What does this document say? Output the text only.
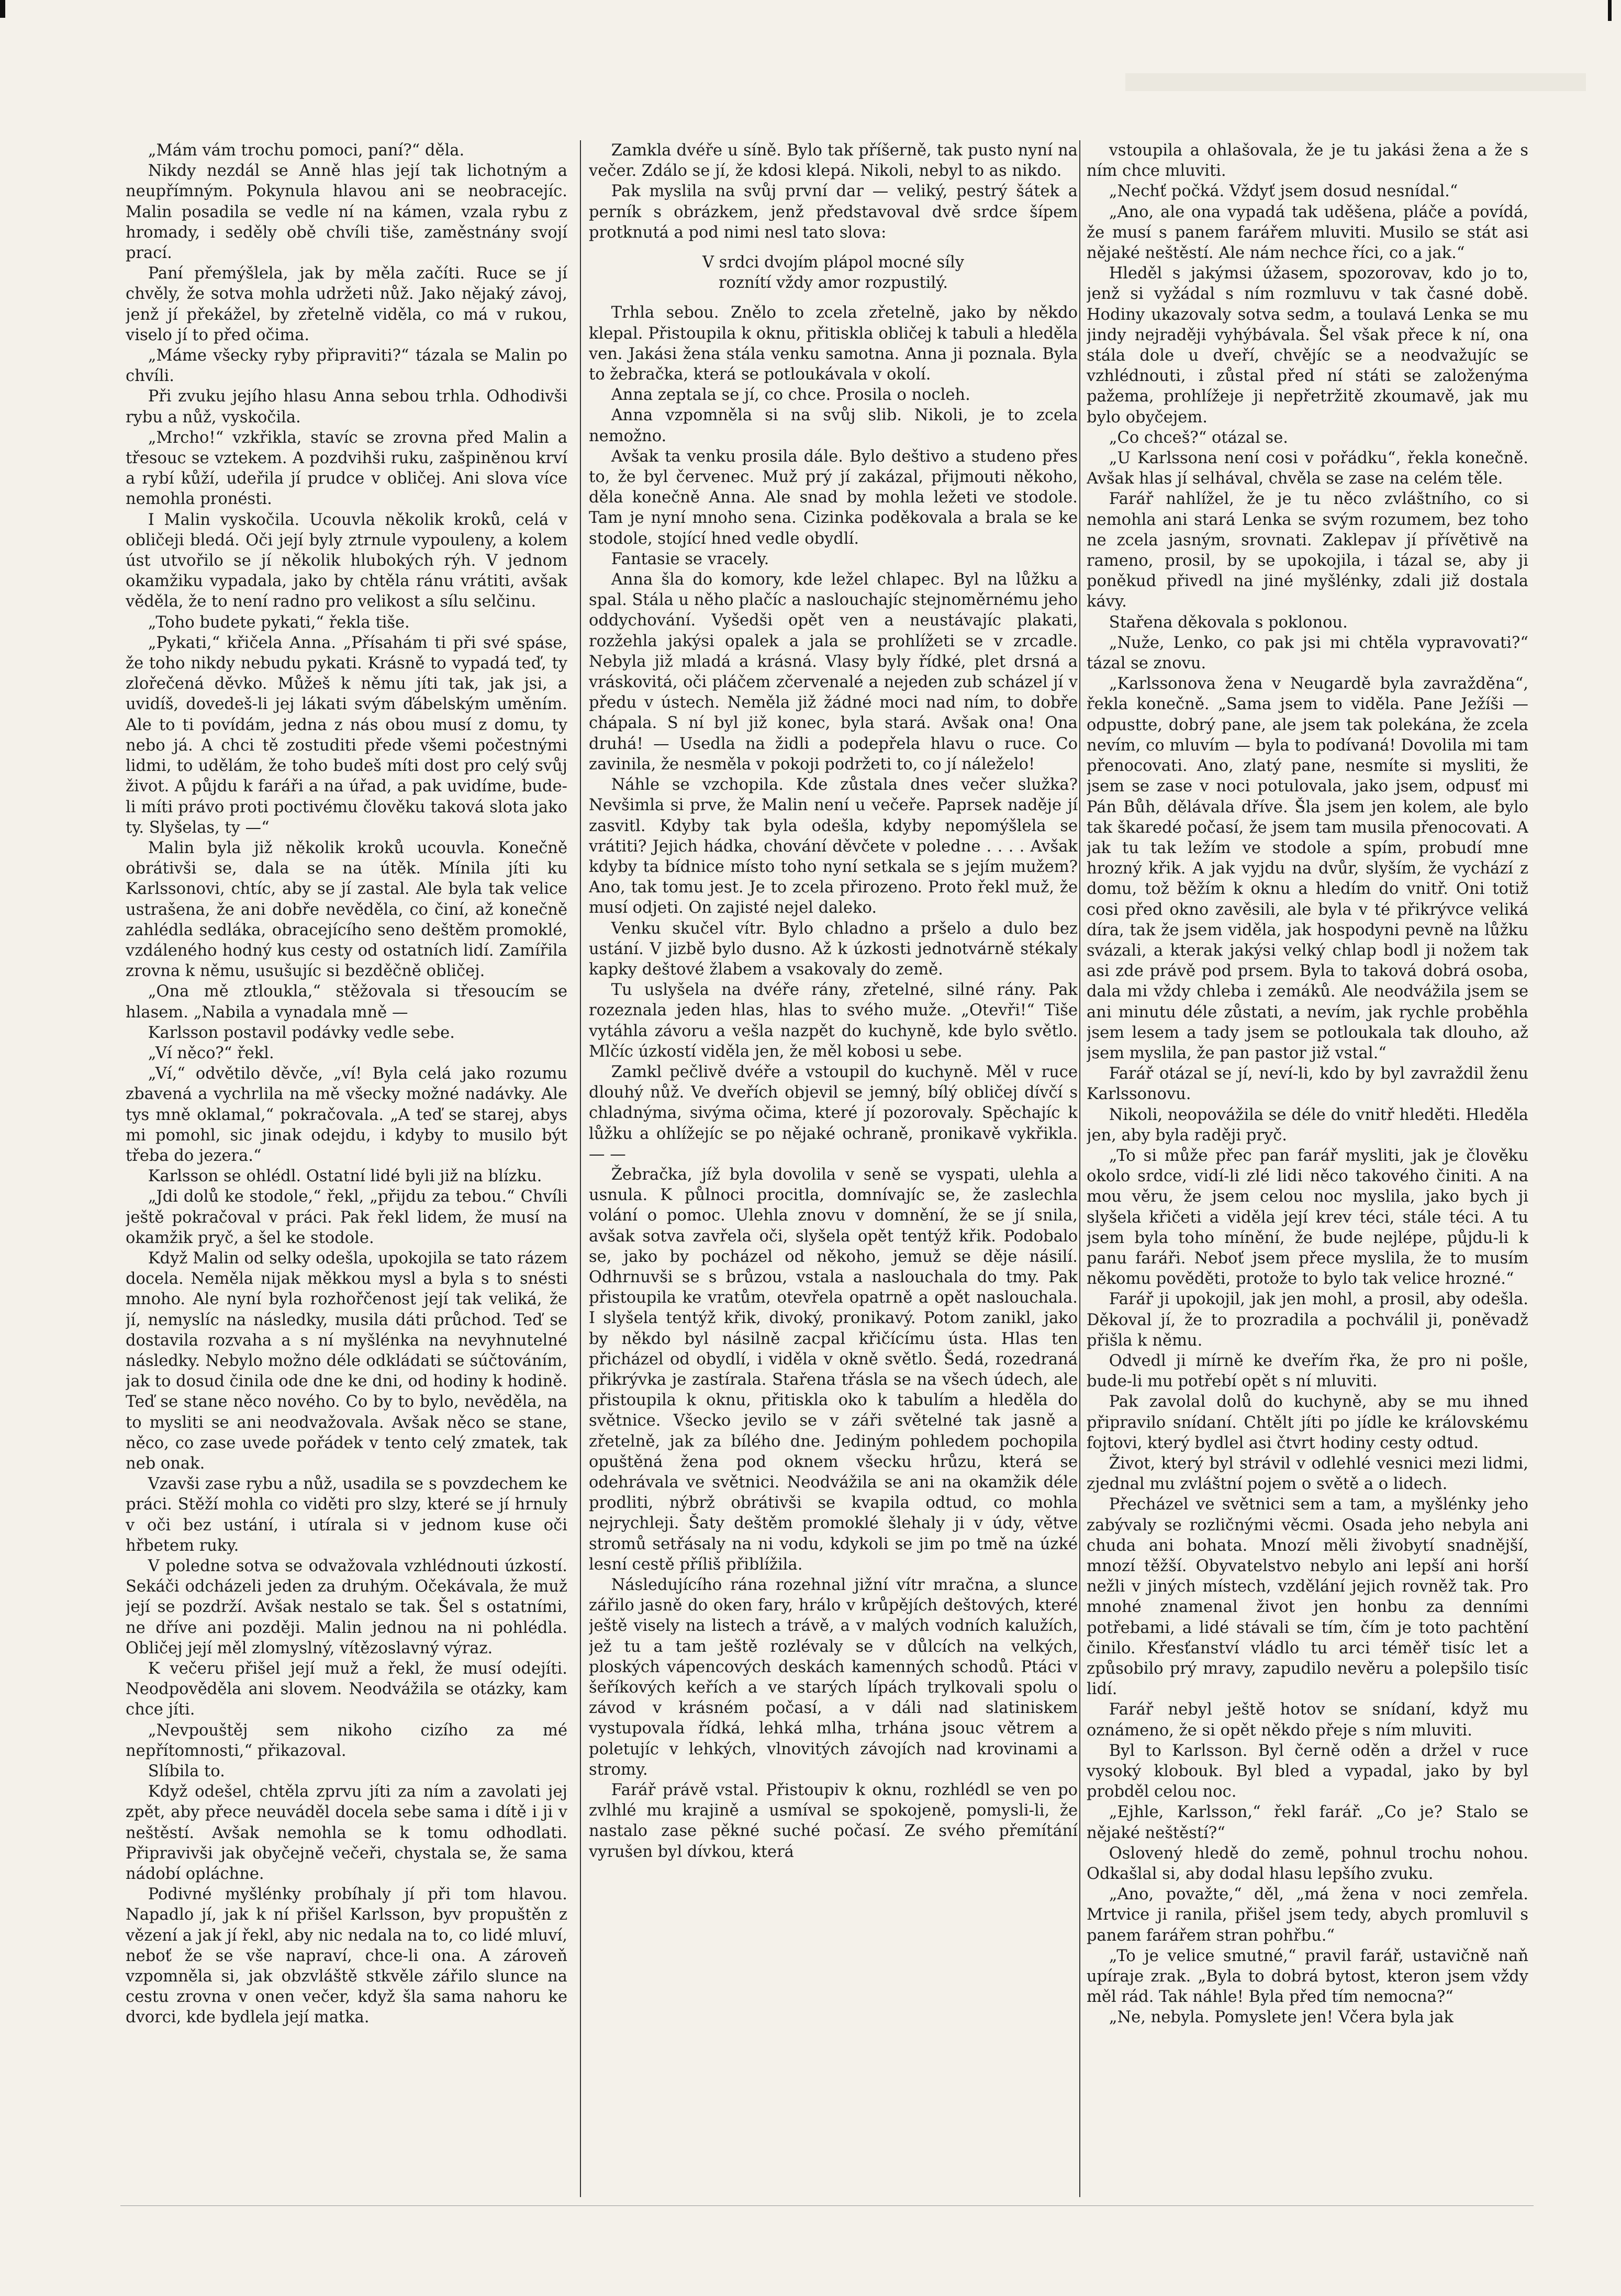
„Mám vám trochu pomoci, paní?“ děla.

Nikdy nezdál se Anně hlas její tak lichotným a neupřímným. Pokynula hlavou ani se neobracejíc. Malin posadila se vedle ní na kámen, vzala rybu z hromady, i seděly obě chvíli tiše, zaměstnány svojí prací.

Paní přemýšlela, jak by měla začíti. Ruce se jí chvěly, že sotva mohla udržeti nůž. Jako nějaký závoj, jenž jí překážel, by zřetelně viděla, co má v rukou, viselo jí to před očima.

„Máme všecky ryby připraviti?“ tázala se Malin po chvíli.

Při zvuku jejího hlasu Anna sebou trhla. Odhodivši rybu a nůž, vyskočila.

„Mrcho!“ vzkřikla, stavíc se zrovna před Malin a třesouc se vztekem. A pozdvihši ruku, zašpiněnou krví a rybí kůží, udeřila jí prudce v obličej. Ani slova více nemohla pronésti.

I Malin vyskočila. Ucouvla několik kroků, celá v obličeji bledá. Oči její byly ztrnule vypouleny, a kolem úst utvořilo se jí několik hlubokých rýh. V jednom okamžiku vypadala, jako by chtěla ránu vrátiti, avšak věděla, že to není radno pro velikost a sílu selčinu.

„Toho budete pykati,“ řekla tiše.

„Pykati,“ křičela Anna. „Přísahám ti při své spáse, že toho nikdy nebudu pykati. Krásně to vypadá teď, ty zlořečená děvko. Můžeš k němu jíti tak, jak jsi, a uvidíš, dovedeš-li jej lákati svým ďábelským uměním. Ale to ti povídám, jedna z nás obou musí z domu, ty nebo já. A chci tě zostuditi přede všemi počestnými lidmi, to udělám, že toho budeš míti dost pro celý svůj život. A půjdu k faráři a na úřad, a pak uvidíme, bude-li míti právo proti poctivému člověku taková slota jako ty. Slyšelas, ty —“

Malin byla již několik kroků ucouvla. Konečně obrátivši se, dala se na útěk. Mínila jíti ku Karlssonovi, chtíc, aby se jí zastal. Ale byla tak velice ustrašena, že ani dobře nevěděla, co činí, až konečně zahlédla sedláka, obracejícího seno deštěm promoklé, vzdáleného hodný kus cesty od ostatních lidí. Zamířila zrovna k němu, usušujíc si bezděčně obličej.

„Ona mě ztloukla,“ stěžovala si třesoucím se hlasem. „Nabila a vynadala mně —

Karlsson postavil podávky vedle sebe.

„Ví něco?“ řekl.

„Ví,“ odvětilo děvče, „ví! Byla celá jako rozumu zbavená a vychrlila na mě všecky možné nadávky. Ale tys mně oklamal,“ pokračovala. „A teď se starej, abys mi pomohl, sic jinak odejdu, i kdyby to musilo být třeba do jezera.“

Karlsson se ohlédl. Ostatní lidé byli již na blízku.

„Jdi dolů ke stodole,“ řekl, „přijdu za tebou.“ Chvíli ještě pokračoval v práci. Pak řekl lidem, že musí na okamžik pryč, a šel ke stodole.

Když Malin od selky odešla, upokojila se tato rázem docela. Neměla nijak měkkou mysl a byla s to snésti mnoho. Ale nyní byla rozhořčenost její tak veliká, že jí, nemyslíc na následky, musila dáti průchod. Teď se dostavila rozvaha a s ní myšlénka na nevyhnutelné následky. Nebylo možno déle odkládati se súčtováním, jak to dosud činila ode dne ke dni, od hodiny k hodině. Teď se stane něco nového. Co by to bylo, nevěděla, na to mysliti se ani neodvažovala. Avšak něco se stane, něco, co zase uvede pořádek v tento celý zmatek, tak neb onak.

Vzavši zase rybu a nůž, usadila se s povzdechem ke práci. Stěží mohla co viděti pro slzy, které se jí hrnuly v oči bez ustání, i utírala si v jednom kuse oči hřbetem ruky.

V poledne sotva se odvažovala vzhlédnouti úzkostí. Sekáči odcházeli jeden za druhým. Očekávala, že muž její se pozdrží. Avšak nestalo se tak. Šel s ostatními, ne dříve ani později. Malin jednou na ni pohlédla. Obličej její měl zlomyslný, vítězoslavný výraz.

K večeru přišel její muž a řekl, že musí odejíti. Neodpověděla ani slovem. Neodvážila se otázky, kam chce jíti.

„Nevpouštěj sem nikoho cizího za mé nepřítomnosti,“ přikazoval.

Slíbila to.

Když odešel, chtěla zprvu jíti za ním a zavolati jej zpět, aby přece neuváděl docela sebe sama i dítě i ji v neštěstí. Avšak nemohla se k tomu odhodlati. Připravivši jak obyčejně večeři, chystala se, že sama nádobí opláchne.

Podivné myšlénky probíhaly jí při tom hlavou. Napadlo jí, jak k ní přišel Karlsson, byv propuštěn z vězení a jak jí řekl, aby nic nedala na to, co lidé mluví, neboť že se vše napraví, chce-li ona. A zároveň vzpomněla si, jak obzvláště stkvěle zářilo slunce na cestu zrovna v onen večer, když šla sama nahoru ke dvorci, kde bydlela její matka.

Zamkla dvéře u síně. Bylo tak příšerně, tak pusto nyní na večer. Zdálo se jí, že kdosi klepá. Nikoli, nebyl to as nikdo.

Pak myslila na svůj první dar — veliký, pestrý šátek a perník s obrázkem, jenž představoval dvě srdce šípem protknutá a pod nimi nesl tato slova:

V srdci dvojím plápol mocné síly
roznítí vždy amor rozpustilý.

Trhla sebou. Znělo to zcela zřetelně, jako by někdo klepal. Přistoupila k oknu, přitiskla obličej k tabuli a hleděla ven. Jakási žena stála venku samotna. Anna ji poznala. Byla to žebračka, která se potloukávala v okolí.

Anna zeptala se jí, co chce. Prosila o nocleh.

Anna vzpomněla si na svůj slib. Nikoli, je to zcela nemožno.

Avšak ta venku prosila dále. Bylo deštivo a studeno přes to, že byl červenec. Muž prý jí zakázal, přijmouti někoho, děla konečně Anna. Ale snad by mohla ležeti ve stodole. Tam je nyní mnoho sena. Cizinka poděkovala a brala se ke stodole, stojící hned vedle obydlí.

Fantasie se vracely.

Anna šla do komory, kde ležel chlapec. Byl na lůžku a spal. Stála u něho plačíc a naslouchajíc stejnoměrnému jeho oddychování. Vyšedši opět ven a neustávajíc plakati, rozžehla jakýsi opalek a jala se prohlížeti se v zrcadle. Nebyla již mladá a krásná. Vlasy byly řídké, plet drsná a vráskovitá, oči pláčem zčervenalé a nejeden zub scházel jí v předu v ústech. Neměla již žádné moci nad ním, to dobře chápala. S ní byl již konec, byla stará. Avšak ona! Ona druhá! — Usedla na židli a podepřela hlavu o ruce. Co zavinila, že nesměla v pokoji podržeti to, co jí náleželo!

Náhle se vzchopila. Kde zůstala dnes večer služka? Nevšimla si prve, že Malin není u večeře. Paprsek naděje jí zasvitl. Kdyby tak byla odešla, kdyby nepomýšlela se vrátiti? Jejich hádka, chování děvčete v poledne . . . . Avšak kdyby ta bídnice místo toho nyní setkala se s jejím mužem? Ano, tak tomu jest. Je to zcela přirozeno. Proto řekl muž, že musí odjeti. On zajisté nejel daleko.

Venku skučel vítr. Bylo chladno a pršelo a dulo bez ustání. V jizbě bylo dusno. Až k úzkosti jednotvárně stékaly kapky deštové žlabem a vsakovaly do země.

Tu uslyšela na dvéře rány, zřetelné, silné rány. Pak rozeznala jeden hlas, hlas to svého muže. „Otevři!“ Tiše vytáhla závoru a vešla nazpět do kuchyně, kde bylo světlo. Mlčíc úzkostí viděla jen, že měl kobosi u sebe.

Zamkl pečlivě dvéře a vstoupil do kuchyně. Měl v ruce dlouhý nůž. Ve dveřích objevil se jemný, bílý obličej dívčí s chladnýma, sivýma očima, které jí pozorovaly. Spěchajíc k lůžku a ohlížejíc se po nějaké ochraně, pronikavě vykřikla. — —

Žebračka, jíž byla dovolila v seně se vyspati, ulehla a usnula. K půlnoci procitla, domnívajíc se, že zaslechla volání o pomoc. Ulehla znovu v domnění, že se jí snila, avšak sotva zavřela oči, slyšela opět tentýž křik. Podobalo se, jako by pocházel od někoho, jemuž se děje násilí. Odhrnuvši se s brůzou, vstala a naslouchala do tmy. Pak přistoupila ke vratům, otevřela opatrně a opět naslouchala. I slyšela tentýž křik, divoký, pronikavý. Potom zanikl, jako by někdo byl násilně zacpal křičícímu ústa. Hlas ten přicházel od obydlí, i viděla v okně světlo. Šedá, rozedraná přikrývka je zastírala. Stařena třásla se na všech údech, ale přistoupila k oknu, přitiskla oko k tabulím a hleděla do světnice. Všecko jevilo se v záři světelné tak jasně a zřetelně, jak za bílého dne. Jediným pohledem pochopila opuštěná žena pod oknem všecku hrůzu, která se odehrávala ve světnici. Neodvážila se ani na okamžik déle prodliti, nýbrž obrátivši se kvapila odtud, co mohla nejrychleji. Šaty deštěm promoklé šlehaly ji v údy, větve stromů setřásaly na ni vodu, kdykoli se jim po tmě na úzké lesní cestě příliš přiblížila.

Následujícího rána rozehnal jižní vítr mračna, a slunce zářilo jasně do oken fary, hrálo v krůpějích deštových, které ještě visely na listech a trávě, a v malých vodních kalužích, jež tu a tam ještě rozlévaly se v důlcích na velkých, ploských vápencových deskách kamenných schodů. Ptáci v šeříkových keřích a ve starých lípách trylkovali spolu o závod v krásném počasí, a v dáli nad slatiniskem vystupovala řídká, lehká mlha, trhána jsouc větrem a poletujíc v lehkých, vlnovitých závojích nad krovinami a stromy.

Farář právě vstal. Přistoupiv k oknu, rozhlédl se ven po zvlhlé mu krajině a usmíval se spokojeně, pomysli-li, že nastalo zase pěkné suché počasí. Ze svého přemítání vyrušen byl dívkou, která

vstoupila a ohlašovala, že je tu jakási žena a že s ním chce mluviti.

„Nechť počká. Vždyť jsem dosud nesnídal.“

„Ano, ale ona vypadá tak uděšena, pláče a povídá, že musí s panem farářem mluviti. Musilo se stát asi nějaké neštěstí. Ale nám nechce říci, co a jak.“

Hleděl s jakýmsi úžasem, spozorovav, kdo jo to, jenž si vyžádal s ním rozmluvu v tak časné době. Hodiny ukazovaly sotva sedm, a toulavá Lenka se mu jindy nejraději vyhýbávala. Šel však přece k ní, ona stála dole u dveří, chvějíc se a neodvažujíc se vzhlédnouti, i zůstal před ní státi se založenýma pažema, prohlížeje ji nepřetržitě zkoumavě, jak mu bylo obyčejem.

„Co chceš?“ otázal se.

„U Karlssona není cosi v pořádku“, řekla konečně. Avšak hlas jí selhával, chvěla se zase na celém těle.

Farář nahlížel, že je tu něco zvláštního, co si nemohla ani stará Lenka se svým rozumem, bez toho ne zcela jasným, srovnati. Zaklepav jí přívětivě na rameno, prosil, by se upokojila, i tázal se, aby ji poněkud přivedl na jiné myšlénky, zdali již dostala kávy.

Stařena děkovala s poklonou.

„Nuže, Lenko, co pak jsi mi chtěla vypravovati?“ tázal se znovu.

„Karlssonova žena v Neugardě byla zavražděna“, řekla konečně. „Sama jsem to viděla. Pane Ježíši — odpustte, dobrý pane, ale jsem tak polekána, že zcela nevím, co mluvím — byla to podívaná! Dovolila mi tam přenocovati. Ano, zlatý pane, nesmíte si mysliti, že jsem se zase v noci potulovala, jako jsem, odpusť mi Pán Bůh, dělávala dříve. Šla jsem jen kolem, ale bylo tak škaredé počasí, že jsem tam musila přenocovati. A jak tu tak ležím ve stodole a spím, probudí mne hrozný křik. A jak vyjdu na dvůr, slyším, že vychází z domu, tož běžím k oknu a hledím do vnitř. Oni totiž cosi před okno zavěsili, ale byla v té přikrývce veliká díra, tak že jsem viděla, jak hospodyni pevně na lůžku svázali, a kterak jakýsi velký chlap bodl ji nožem tak asi zde právě pod prsem. Byla to taková dobrá osoba, dala mi vždy chleba i zemáků. Ale neodvážila jsem se ani minutu déle zůstati, a nevím, jak rychle proběhla jsem lesem a tady jsem se potloukala tak dlouho, až jsem myslila, že pan pastor již vstal.“

Farář otázal se jí, neví-li, kdo by byl zavraždil ženu Karlssonovu.

Nikoli, neopovážila se déle do vnitř hleděti. Hleděla jen, aby byla raději pryč.

„To si může přec pan farář mysliti, jak je člověku okolo srdce, vidí-li zlé lidi něco takového činiti. A na mou věru, že jsem celou noc myslila, jako bych ji slyšela křičeti a viděla její krev téci, stále téci. A tu jsem byla toho mínění, že bude nejlépe, půjdu-li k panu faráři. Neboť jsem přece myslila, že to musím někomu pověděti, protože to bylo tak velice hrozné.“

Farář ji upokojil, jak jen mohl, a prosil, aby odešla. Děkoval jí, že to prozradila a pochválil ji, poněvadž přišla k němu.

Odvedl ji mírně ke dveřím řka, že pro ni pošle, bude-li mu potřebí opět s ní mluviti.

Pak zavolal dolů do kuchyně, aby se mu ihned připravilo snídaní. Chtělt jíti po jídle ke královskému fojtovi, který bydlel asi čtvrt hodiny cesty odtud.

Život, který byl strávil v odlehlé vesnici mezi lidmi, zjednal mu zvláštní pojem o světě a o lidech.

Přecházel ve světnici sem a tam, a myšlénky jeho zabývaly se rozličnými věcmi. Osada jeho nebyla ani chuda ani bohata. Mnozí měli živobytí snadnější, mnozí těžší. Obyvatelstvo nebylo ani lepší ani horší nežli v jiných místech, vzdělání jejich rovněž tak. Pro mnohé znamenal život jen honbu za denními potřebami, a lidé stávali se tím, čím je toto pachtění činilo. Křesťanství vládlo tu arci téměř tisíc let a způsobilo prý mravy, zapudilo nevěru a polepšilo tisíc lidí.

Farář nebyl ještě hotov se snídaní, když mu oznámeno, že si opět někdo přeje s ním mluviti.

Byl to Karlsson. Byl černě oděn a držel v ruce vysoký klobouk. Byl bled a vypadal, jako by byl probděl celou noc.

„Ejhle, Karlsson,“ řekl farář. „Co je? Stalo se nějaké neštěstí?“

Oslovený hledě do země, pohnul trochu nohou. Odkašlal si, aby dodal hlasu lepšího zvuku.

„Ano, považte,“ děl, „má žena v noci zemřela. Mrtvice ji ranila, přišel jsem tedy, abych promluvil s panem farářem stran pohřbu.“

„To je velice smutné,“ pravil farář, ustavičně naň upíraje zrak. „Byla to dobrá bytost, kteron jsem vždy měl rád. Tak náhle! Byla před tím nemocna?“

„Ne, nebyla. Pomyslete jen! Včera byla jak
